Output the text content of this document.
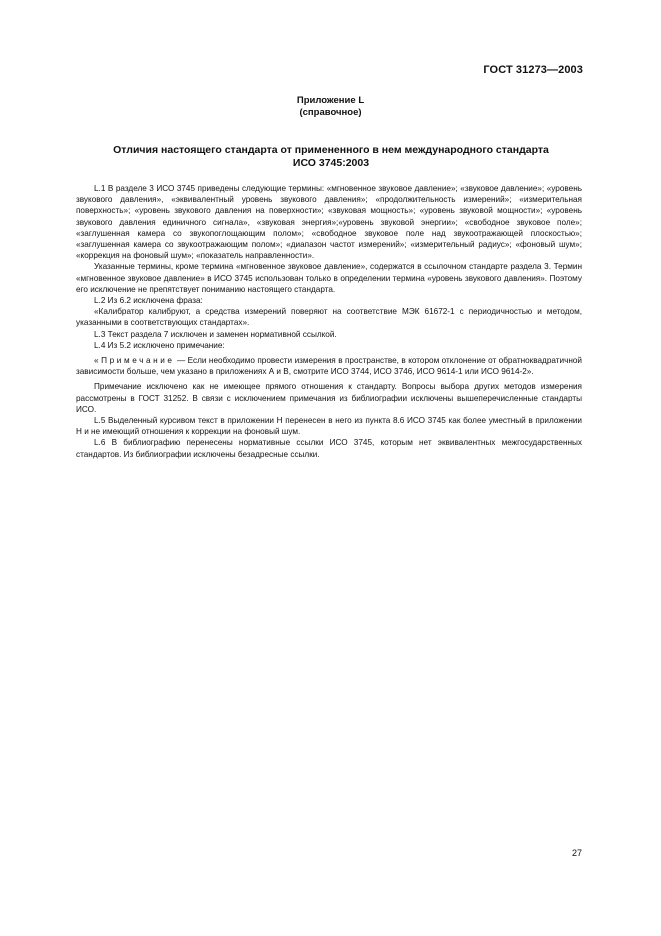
ГОСТ 31273—2003
Приложение L
(справочное)
Отличия настоящего стандарта от примененного в нем международного стандарта
ИСО 3745:2003

L.1 В разделе 3 ИСО 3745 приведены следующие термины: «мгновенное звуковое давление»; «звуковое давление»; «уровень звукового давления», «эквивалентный уровень звукового давления»; «продолжительность измерений»; «измерительная поверхность»; «уровень звукового давления на поверхности»; «звуковая мощность»; «уровень звуковой мощности»; «уровень звукового давления единичного сигнала», «звуковая энергия»;«уровень звуковой энергии»; «свободное звуковое поле»; «заглушенная камера со звукопоглощающим полом»; «свободное звуковое поле над звукоотражающей плоскостью»; «заглушенная камера со звукоотражающим полом»; «диапазон частот измерений»; «измерительный радиус»; «фоновый шум»; «коррекция на фоновый шум»; «показатель направленности».

Указанные термины, кроме термина «мгновенное звуковое давление», содержатся в ссылочном стандарте раздела 3. Термин «мгновенное звуковое давление» в ИСО 3745 использован только в определении термина «уровень звукового давления». Поэтому его исключение не препятствует пониманию настоящего стандарта.

L.2 Из 6.2 исключена фраза:

«Калибратор калибруют, а средства измерений поверяют на соответствие МЭК 61672-1 с периодичностью и методом, указанными в соответствующих стандартах».

L.3 Текст раздела 7 исключен и заменен нормативной ссылкой.

L.4 Из 5.2 исключено примечание:

«Примечание — Если необходимо провести измерения в пространстве, в котором отклонение от обратноквадратичной зависимости больше, чем указано в приложениях А и В, смотрите ИСО 3744, ИСО 3746, ИСО 9614-1 или ИСО 9614-2».

Примечание исключено как не имеющее прямого отношения к стандарту. Вопросы выбора других методов измерения рассмотрены в ГОСТ 31252. В связи с исключением примечания из библиографии исключены вышеперечисленные стандарты ИСО.

L.5 Выделенный курсивом текст в приложении Н перенесен в него из пункта 8.6 ИСО 3745 как более уместный в приложении Н и не имеющий отношения к коррекции на фоновый шум.

L.6 В библиографию перенесены нормативные ссылки ИСО 3745, которым нет эквивалентных межгосударственных стандартов. Из библиографии исключены безадресные ссылки.

27
